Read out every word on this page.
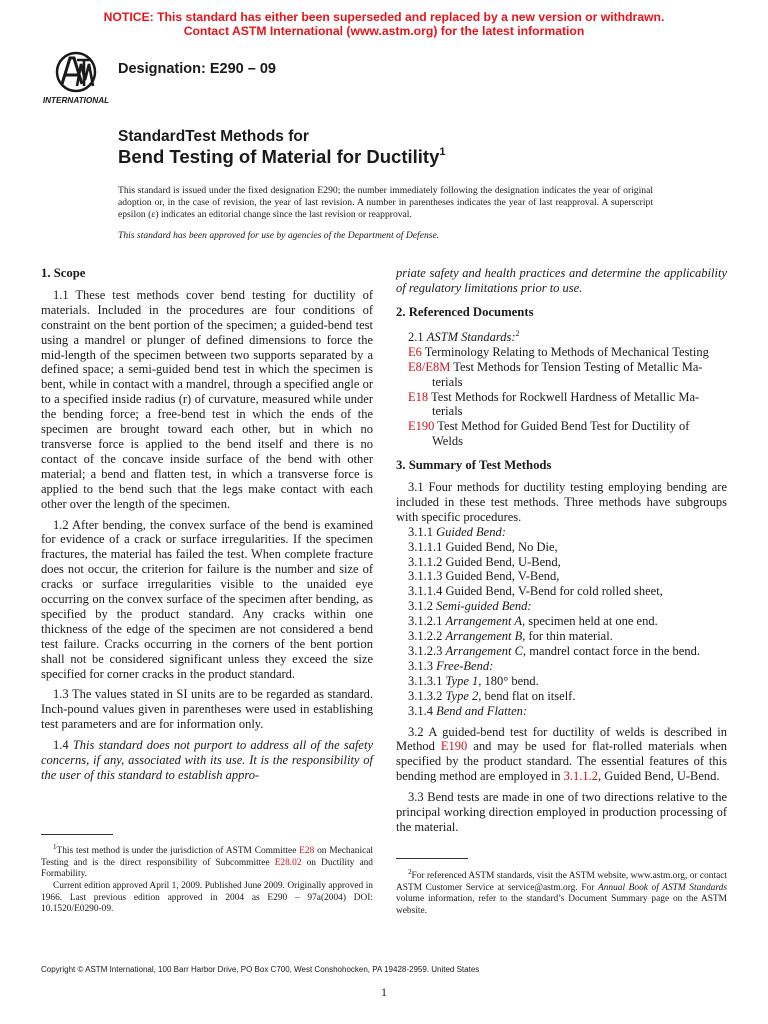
NOTICE: This standard has either been superseded and replaced by a new version or withdrawn.
Contact ASTM International (www.astm.org) for the latest information
INTERNATIONAL
Designation: E290 – 09
StandardTest Methods for
Bend Testing of Material for Ductility$^1$
This standard is issued under the fixed designation E290; the number immediately following the designation indicates the year of original adoption or, in the case of revision, the year of last revision. A number in parentheses indicates the year of last reapproval. A superscript epsilon (ε) indicates an editorial change since the last revision or reapproval.
This standard has been approved for use by agencies of the Department of Defense.
1. Scope

1.1 These test methods cover bend testing for ductility of materials. Included in the procedures are four conditions of constraint on the bent portion of the specimen; a guided-bend test using a mandrel or plunger of defined dimensions to force the mid-length of the specimen between two supports separated by a defined space; a semi-guided bend test in which the specimen is bent, while in contact with a mandrel, through a specified angle or to a specified inside radius (r) of curvature, measured while under the bending force; a free-bend test in which the ends of the specimen are brought toward each other, but in which no transverse force is applied to the bend itself and there is no contact of the concave inside surface of the bend with other material; a bend and flatten test, in which a transverse force is applied to the bend such that the legs make contact with each other over the length of the specimen.

1.2 After bending, the convex surface of the bend is examined for evidence of a crack or surface irregularities. If the specimen fractures, the material has failed the test. When complete fracture does not occur, the criterion for failure is the number and size of cracks or surface irregularities visible to the unaided eye occurring on the convex surface of the specimen after bending, as specified by the product standard. Any cracks within one thickness of the edge of the specimen are not considered a bend test failure. Cracks occurring in the corners of the bent portion shall not be considered significant unless they exceed the size specified for corner cracks in the product standard.

1.3 The values stated in SI units are to be regarded as standard. Inch-pound values given in parentheses were used in establishing test parameters and are for information only.

1.4 This standard does not purport to address all of the safety concerns, if any, associated with its use. It is the responsibility of the user of this standard to establish appro-

priate safety and health practices and determine the applicability of regulatory limitations prior to use.

2. Referenced Documents
2.1 ASTM Standards:$^2$
E6 Terminology Relating to Methods of Mechanical Testing
E8/E8M Test Methods for Tension Testing of Metallic Ma-
terials
E18 Test Methods for Rockwell Hardness of Metallic Ma-
terials
E190 Test Method for Guided Bend Test for Ductility of
Welds
3. Summary of Test Methods

3.1 Four methods for ductility testing employing bending are included in these test methods. Three methods have subgroups with specific procedures.

3.1.1 Guided Bend:
3.1.1.1 Guided Bend, No Die,
3.1.1.2 Guided Bend, U-Bend,
3.1.1.3 Guided Bend, V-Bend,
3.1.1.4 Guided Bend, V-Bend for cold rolled sheet,
3.1.2 Semi-guided Bend:
3.1.2.1 Arrangement A, specimen held at one end.
3.1.2.2 Arrangement B, for thin material.
3.1.2.3 Arrangement C, mandrel contact force in the bend.
3.1.3 Free-Bend:
3.1.3.1 Type 1, 180° bend.
3.1.3.2 Type 2, bend flat on itself.
3.1.4 Bend and Flatten:

3.2 A guided-bend test for ductility of welds is described in Method E190 and may be used for flat-rolled materials when specified by the product standard. The essential features of this bending method are employed in 3.1.1.2, Guided Bend, U-Bend.

3.3 Bend tests are made in one of two directions relative to the principal working direction employed in production processing of the material.

$^1$This test method is under the jurisdiction of ASTM Committee E28 on Mechanical Testing and is the direct responsibility of Subcommittee E28.02 on Ductility and Formability.

Current edition approved April 1, 2009. Published June 2009. Originally approved in 1966. Last previous edition approved in 2004 as E290 – 97a(2004) DOI: 10.1520/E0290-09.

$^2$For referenced ASTM standards, visit the ASTM website, www.astm.org, or contact ASTM Customer Service at service@astm.org. For Annual Book of ASTM Standards volume information, refer to the standard’s Document Summary page on the ASTM website.

Copyright © ASTM International, 100 Barr Harbor Drive, PO Box C700, West Conshohocken, PA 19428-2959. United States
1
